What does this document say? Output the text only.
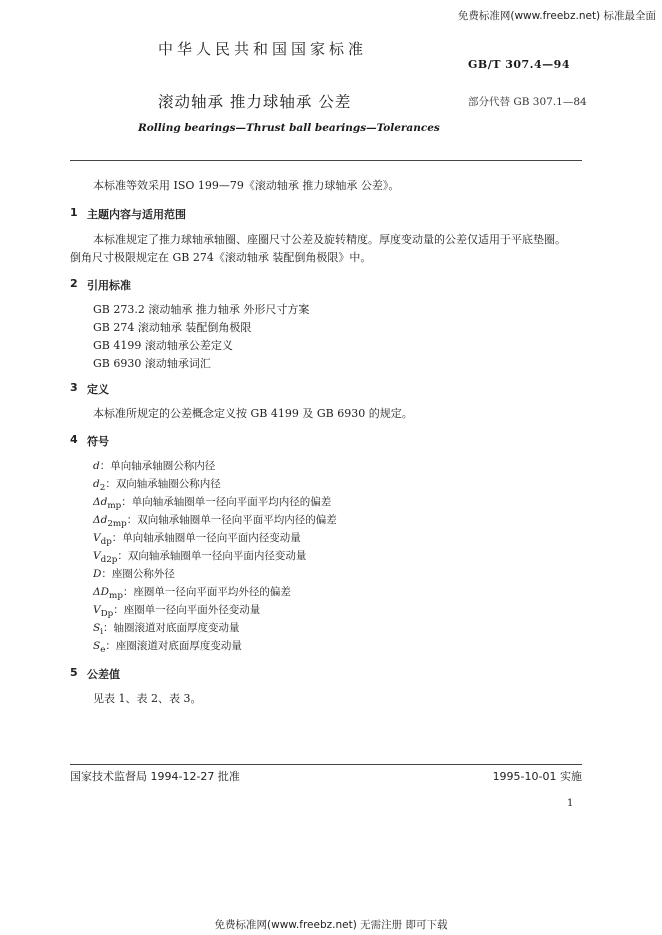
免费标准网(www.freebz.net) 标准最全面
中华人民共和国国家标准
GB/T 307.4—94
滚动轴承 推力球轴承 公差	部分代替 GB 307.1—84
Rolling bearings—Thrust ball bearings—Tolerances
本标准等效采用 ISO 199—79《滚动轴承 推力球轴承 公差》。
1 主题内容与适用范围
本标准规定了推力球轴承轴圈、座圈尺寸公差及旋转精度。厚度变动量的公差仅适用于平底垫圈。
倒角尺寸极限规定在 GB 274《滚动轴承 装配倒角极限》中。
2 引用标准
GB 273.2 滚动轴承 推力轴承 外形尺寸方案
GB 274 滚动轴承 装配倒角极限
GB 4199 滚动轴承公差定义
GB 6930 滚动轴承词汇
3 定义
本标准所规定的公差概念定义按 GB 4199 及 GB 6930 的规定。
4 符号
d：单向轴承轴圈公称内径
$d_2$：双向轴承轴圈公称内径
$\Delta d_{mp}$：单向轴承轴圈单一径向平面平均内径的偏差
$\Delta d_{2mp}$：双向轴承轴圈单一径向平面平均内径的偏差
$V_{dp}$：单向轴承轴圈单一径向平面内径变动量
$V_{d2p}$：双向轴承轴圈单一径向平面内径变动量
D：座圈公称外径
$\Delta D_{mp}$：座圈单一径向平面平均外径的偏差
$V_{Dp}$：座圈单一径向平面外径变动量
$S_i$：轴圈滚道对底面厚度变动量
$S_e$：座圈滚道对底面厚度变动量
5 公差值
见表 1、表 2、表 3。
国家技术监督局 1994-12-27 批准	1995-10-01 实施
1
免费标准网(www.freebz.net) 无需注册 即可下载
